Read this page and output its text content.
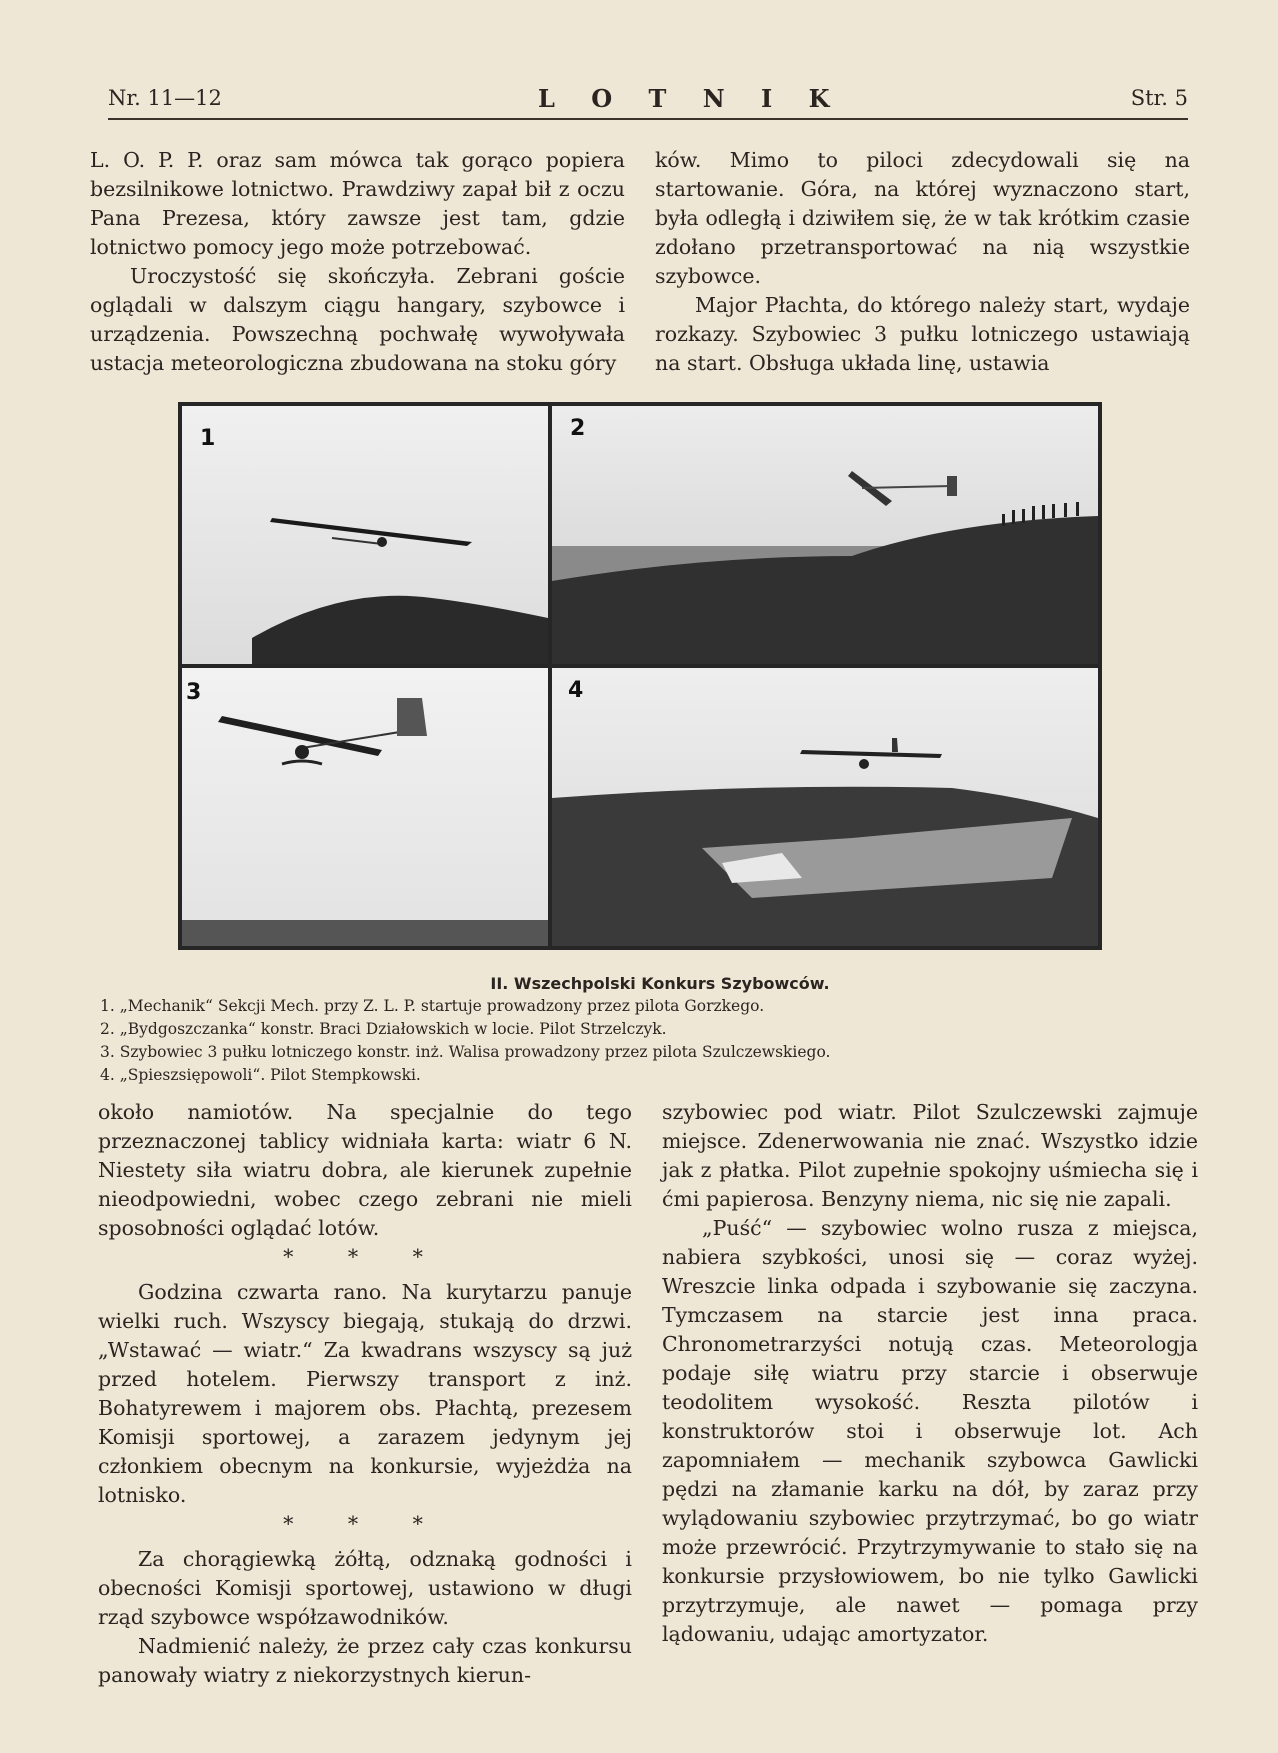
Nr. 11—12	L O T N I K	Str. 5

L. O. P. P. oraz sam mówca tak gorąco popiera bezsilnikowe lotnictwo. Prawdziwy zapał bił z oczu Pana Prezesa, który zawsze jest tam, gdzie lotnictwo pomocy jego może potrzebować.

Uroczystość się skończyła. Zebrani goście oglądali w dalszym ciągu hangary, szybowce i urządzenia. Powszechną pochwałę wywoływała ustacja meteorologiczna zbudowana na stoku góry

ków. Mimo to piloci zdecydowali się na startowanie. Góra, na której wyznaczono start, była odległą i dziwiłem się, że w tak krótkim czasie zdołano przetransportować na nią wszystkie szybowce.

Major Płachta, do którego należy start, wydaje rozkazy. Szybowiec 3 pułku lotniczego ustawiają na start. Obsługa układa linę, ustawia

1	2
3	4

II. Wszechpolski Konkurs Szybowców.

1. „Mechanik“ Sekcji Mech. przy Z. L. P. startuje prowadzony przez pilota Gorzkego.

2. „Bydgoszczanka“ konstr. Braci Działowskich w locie. Pilot Strzelczyk.

3. Szybowiec 3 pułku lotniczego konstr. inż. Walisa prowadzony przez pilota Szulczewskiego.

4. „Spieszsiępowoli“. Pilot Stempkowski.

około namiotów. Na specjalnie do tego przeznaczonej tablicy widniała karta: wiatr 6 N. Niestety siła wiatru dobra, ale kierunek zupełnie nieodpowiedni, wobec czego zebrani nie mieli sposobności oglądać lotów.

* * *

Godzina czwarta rano. Na kurytarzu panuje wielki ruch. Wszyscy biegają, stukają do drzwi. „Wstawać — wiatr.“ Za kwadrans wszyscy są już przed hotelem. Pierwszy transport z inż. Bohatyrewem i majorem obs. Płachtą, prezesem Komisji sportowej, a zarazem jedynym jej członkiem obecnym na konkursie, wyjeżdża na lotnisko.

* * *

Za chorągiewką żółtą, odznaką godności i obecności Komisji sportowej, ustawiono w długi rząd szybowce współzawodników.

Nadmienić należy, że przez cały czas konkursu panowały wiatry z niekorzystnych kierun-

szybowiec pod wiatr. Pilot Szulczewski zajmuje miejsce. Zdenerwowania nie znać. Wszystko idzie jak z płatka. Pilot zupełnie spokojny uśmiecha się i ćmi papierosa. Benzyny niema, nic się nie zapali.

„Puść“ — szybowiec wolno rusza z miejsca, nabiera szybkości, unosi się — coraz wyżej. Wreszcie linka odpada i szybowanie się zaczyna. Tymczasem na starcie jest inna praca. Chronometrarzyści notują czas. Meteorologja podaje siłę wiatru przy starcie i obserwuje teodolitem wysokość. Reszta pilotów i konstruktorów stoi i obserwuje lot. Ach zapomniałem — mechanik szybowca Gawlicki pędzi na złamanie karku na dół, by zaraz przy wylądowaniu szybowiec przytrzymać, bo go wiatr może przewrócić. Przytrzymywanie to stało się na konkursie przysłowiowem, bo nie tylko Gawlicki przytrzymuje, ale nawet — pomaga przy lądowaniu, udając amortyzator.
